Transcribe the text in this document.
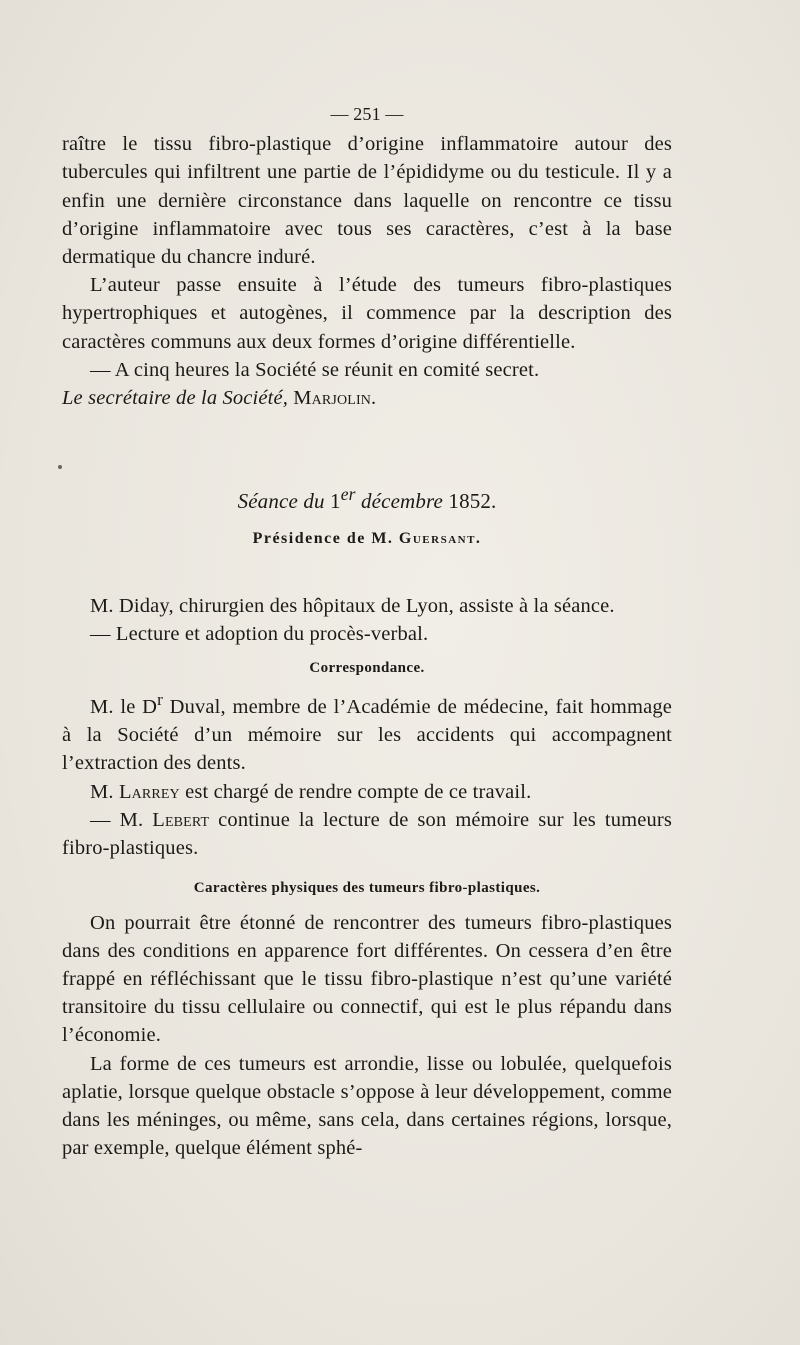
— 251 —

raître le tissu fibro-plastique d’origine inflammatoire autour des tubercules qui infiltrent une partie de l’épididyme ou du testicule. Il y a enfin une dernière circonstance dans laquelle on rencontre ce tissu d’origine inflammatoire avec tous ses caractères, c’est à la base dermatique du chancre induré.

L’auteur passe ensuite à l’étude des tumeurs fibro-plastiques hypertrophiques et autogènes, il commence par la description des caractères communs aux deux formes d’origine différentielle.

— A cinq heures la Société se réunit en comité secret.

Le secrétaire de la Société, Marjolin.

Séance du 1er décembre 1852.
Présidence de M. Guersant.

M. Diday, chirurgien des hôpitaux de Lyon, assiste à la séance.

— Lecture et adoption du procès-verbal.

Correspondance.

M. le $D^r$ Duval, membre de l’Académie de médecine, fait hommage à la Société d’un mémoire sur les accidents qui accompagnent l’extraction des dents.

M. Larrey est chargé de rendre compte de ce travail.

— M. Lebert continue la lecture de son mémoire sur les tumeurs fibro-plastiques.

Caractères physiques des tumeurs fibro-plastiques.

On pourrait être étonné de rencontrer des tumeurs fibro-plastiques dans des conditions en apparence fort différentes. On cessera d’en être frappé en réfléchissant que le tissu fibro-plastique n’est qu’une variété transitoire du tissu cellulaire ou connectif, qui est le plus répandu dans l’économie.

La forme de ces tumeurs est arrondie, lisse ou lobulée, quelquefois aplatie, lorsque quelque obstacle s’oppose à leur développement, comme dans les méninges, ou même, sans cela, dans certaines régions, lorsque, par exemple, quelque élément sphé-
